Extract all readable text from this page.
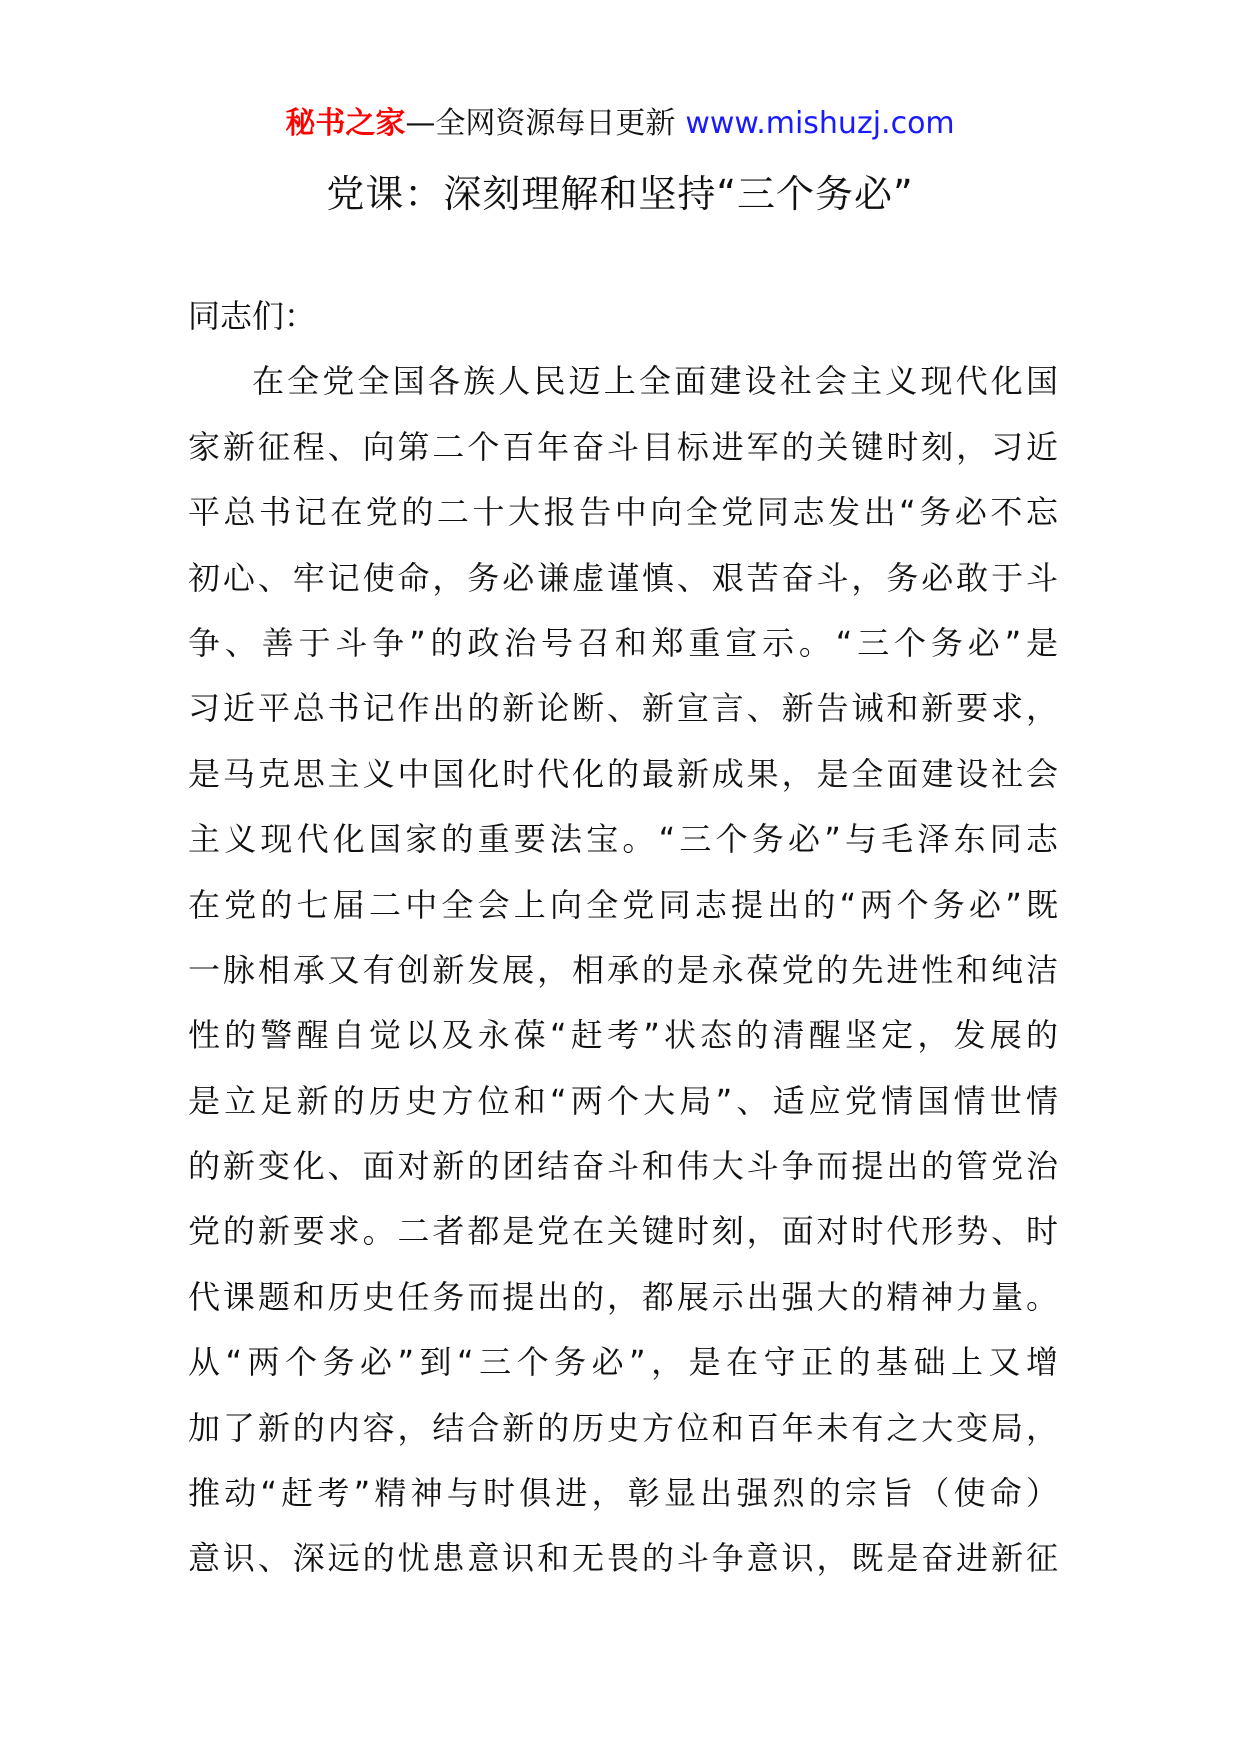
秘书之家—全网资源每日更新 www.mishuzj.com
党课：深刻理解和坚持“三个务必”
同志们：
在全党全国各族人民迈上全面建设社会主义现代化国
家新征程、向第二个百年奋斗目标进军的关键时刻，习近
平总书记在党的二十大报告中向全党同志发出“务必不忘
初心、牢记使命，务必谦虚谨慎、艰苦奋斗，务必敢于斗
争、善于斗争”的政治号召和郑重宣示。“三个务必”是
习近平总书记作出的新论断、新宣言、新告诫和新要求，
是马克思主义中国化时代化的最新成果，是全面建设社会
主义现代化国家的重要法宝。“三个务必”与毛泽东同志
在党的七届二中全会上向全党同志提出的“两个务必”既
一脉相承又有创新发展，相承的是永葆党的先进性和纯洁
性的警醒自觉以及永葆“赶考”状态的清醒坚定，发展的
是立足新的历史方位和“两个大局”、适应党情国情世情
的新变化、面对新的团结奋斗和伟大斗争而提出的管党治
党的新要求。二者都是党在关键时刻，面对时代形势、时
代课题和历史任务而提出的，都展示出强大的精神力量。
从“两个务必”到“三个务必”，是在守正的基础上又增
加了新的内容，结合新的历史方位和百年未有之大变局，
推动“赶考”精神与时俱进，彰显出强烈的宗旨（使命）
意识、深远的忧患意识和无畏的斗争意识，既是奋进新征
